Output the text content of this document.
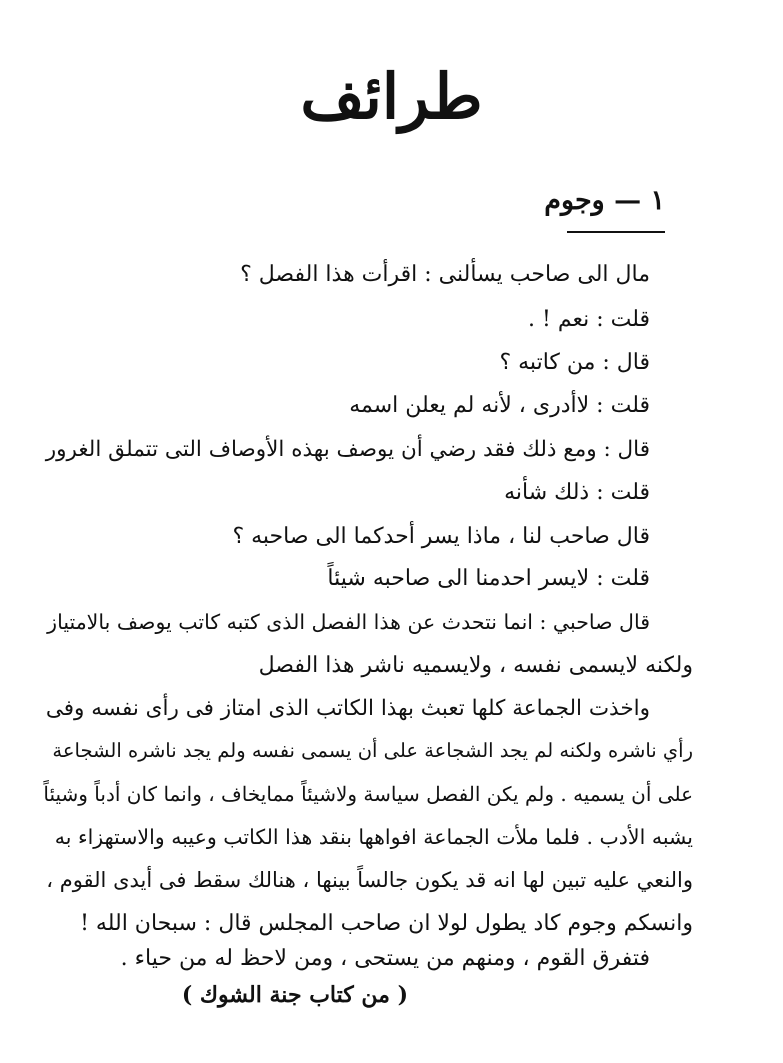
طرائف
١ — وجوم
مال الى صاحب يسألنى : اقرأت هذا الفصل ؟
قلت : نعم ! .
قال : من كاتبه ؟
قلت : لاأدرى ، لأنه لم يعلن اسمه
قال : ومع ذلك فقد رضي أن يوصف بهذه الأوصاف التى تتملق الغرور
قلت : ذلك شأنه
قال صاحب لنا ، ماذا يسر أحدكما الى صاحبه ؟
قلت : لايسر احدمنا الى صاحبه شيئاً
قال صاحبي : انما نتحدث عن هذا الفصل الذى كتبه كاتب يوصف بالامتياز
ولكنه لايسمى نفسه ، ولايسميه ناشر هذا الفصل
واخذت الجماعة كلها تعبث بهذا الكاتب الذى امتاز فى رأى نفسه وفى
رأي ناشره ولكنه لم يجد الشجاعة على أن يسمى نفسه ولم يجد ناشره الشجاعة
على أن يسميه . ولم يكن الفصل سياسة ولاشيئاً ممايخاف ، وانما كان أدباً وشيئاً
يشبه الأدب . فلما ملأت الجماعة افواهها بنقد هذا الكاتب وعيبه والاستهزاء به
والنعي عليه تبين لها انه قد يكون جالساً بينها ، هنالك سقط فى أيدى القوم ،
وانسكم وجوم كاد يطول لولا ان صاحب المجلس قال : سبحان الله !
فتفرق القوم ، ومنهم من يستحى ، ومن لاحظ له من حياء .
( من كتاب جنة الشوك )
